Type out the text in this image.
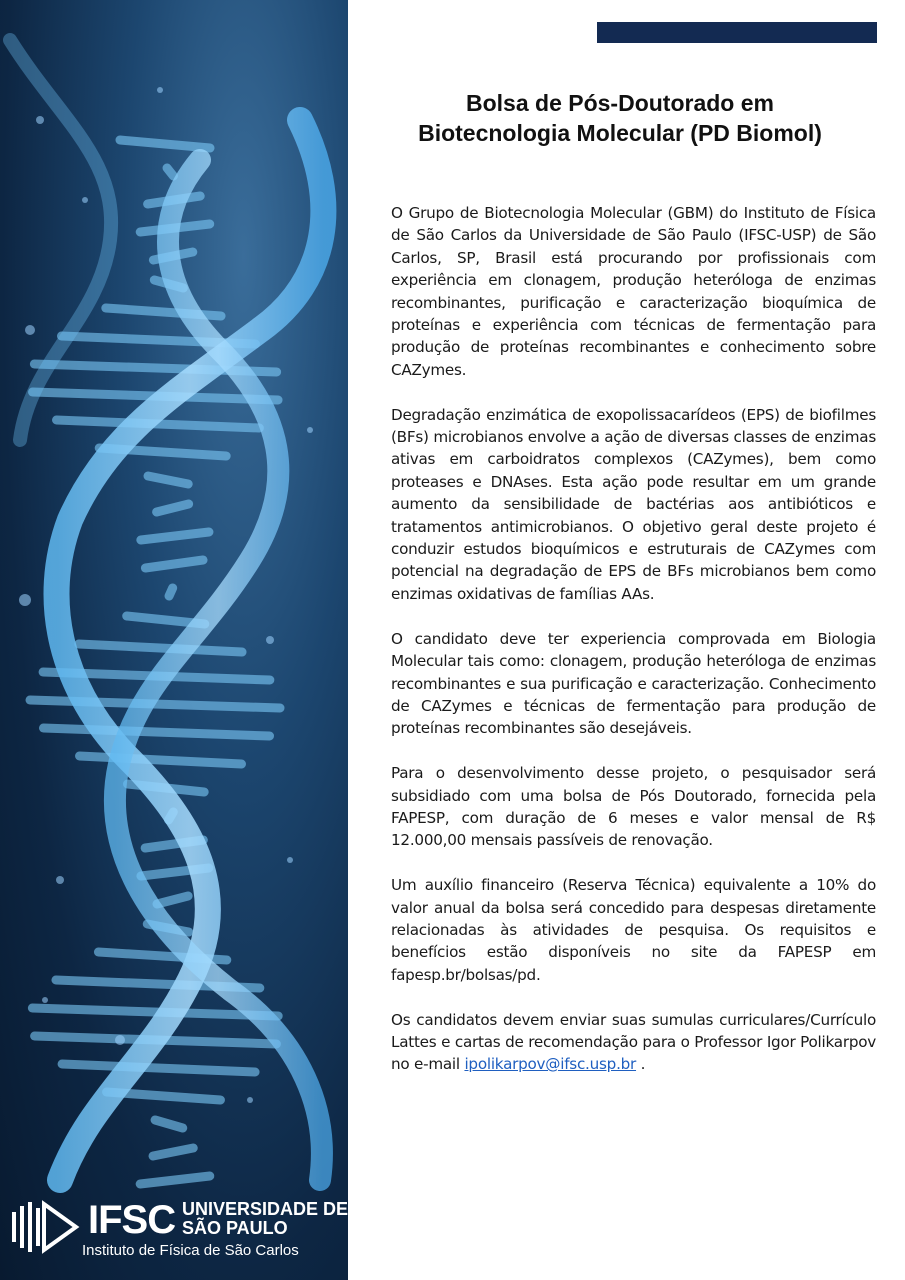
IFSC UNIVERSIDADE DE SÃO PAULO
Instituto de Física de São Carlos
Bolsa de Pós-Doutorado em
Biotecnologia Molecular (PD Biomol)

O Grupo de Biotecnologia Molecular (GBM) do Instituto de Física de São Carlos da Universidade de São Paulo (IFSC-USP) de São Carlos, SP, Brasil está procurando por profissionais com experiência em clonagem, produção heteróloga de enzimas recombinantes, purificação e caracterização bioquímica de proteínas e experiência com técnicas de fermentação para produção de proteínas recombinantes e conhecimento sobre CAZymes.

Degradação enzimática de exopolissacarídeos (EPS) de biofilmes (BFs) microbianos envolve a ação de diversas classes de enzimas ativas em carboidratos complexos (CAZymes), bem como proteases e DNAses. Esta ação pode resultar em um grande aumento da sensibilidade de bactérias aos antibióticos e tratamentos antimicrobianos. O objetivo geral deste projeto é conduzir estudos bioquímicos e estruturais de CAZymes com potencial na degradação de EPS de BFs microbianos bem como enzimas oxidativas de famílias AAs.

O candidato deve ter experiencia comprovada em Biologia Molecular tais como: clonagem, produção heteróloga de enzimas recombinantes e sua purificação e caracterização. Conhecimento de CAZymes e técnicas de fermentação para produção de proteínas recombinantes são desejáveis.

Para o desenvolvimento desse projeto, o pesquisador será subsidiado com uma bolsa de Pós Doutorado, fornecida pela FAPESP, com duração de 6 meses e valor mensal de R$ 12.000,00 mensais passíveis de renovação.

Um auxílio financeiro (Reserva Técnica) equivalente a 10% do valor anual da bolsa será concedido para despesas diretamente relacionadas às atividades de pesquisa. Os requisitos e benefícios estão disponíveis no site da FAPESP em fapesp.br/bolsas/pd.

Os candidatos devem enviar suas sumulas curriculares/Currículo Lattes e cartas de recomendação para o Professor Igor Polikarpov no e-mail ipolikarpov@ifsc.usp.br .
